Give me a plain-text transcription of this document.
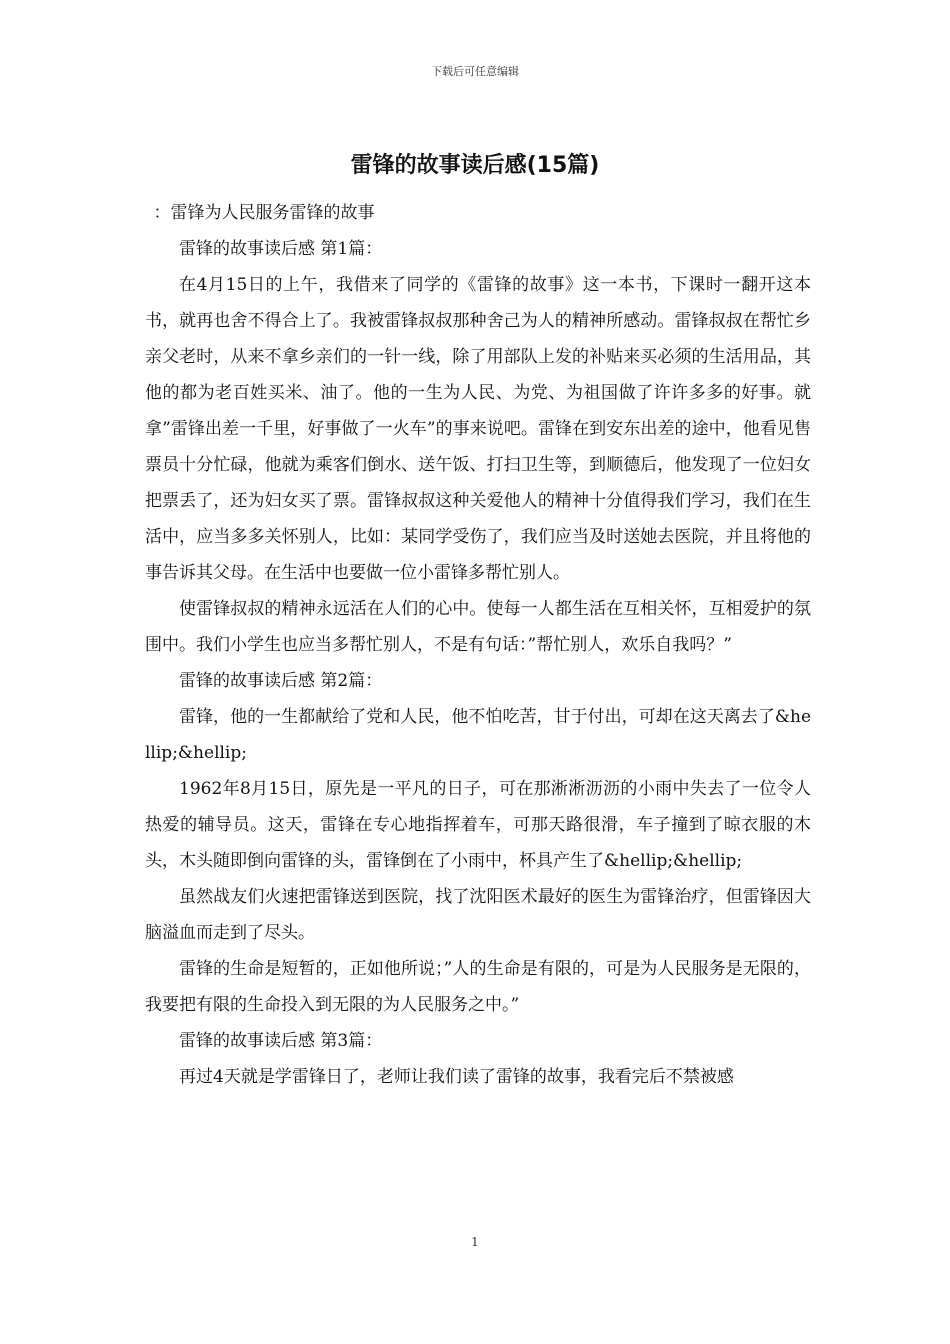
下载后可任意编辑
雷锋的故事读后感(15篇)

：雷锋为人民服务雷锋的故事

雷锋的故事读后感 第1篇：

在4月15日的上午，我借来了同学的《雷锋的故事》这一本书，下课时一翻开这本书，就再也舍不得合上了。我被雷锋叔叔那种舍己为人的精神所感动。雷锋叔叔在帮忙乡亲父老时，从来不拿乡亲们的一针一线，除了用部队上发的补贴来买必须的生活用品，其他的都为老百姓买米、油了。他的一生为人民、为党、为祖国做了许许多多的好事。就拿”雷锋出差一千里，好事做了一火车”的事来说吧。雷锋在到安东出差的途中，他看见售票员十分忙碌，他就为乘客们倒水、送午饭、打扫卫生等，到顺德后，他发现了一位妇女把票丢了，还为妇女买了票。雷锋叔叔这种关爱他人的精神十分值得我们学习，我们在生活中，应当多多关怀别人，比如：某同学受伤了，我们应当及时送她去医院，并且将他的事告诉其父母。在生活中也要做一位小雷锋多帮忙别人。

使雷锋叔叔的精神永远活在人们的心中。使每一人都生活在互相关怀，互相爱护的氛围中。我们小学生也应当多帮忙别人，不是有句话：”帮忙别人，欢乐自我吗？”

雷锋的故事读后感 第2篇：

雷锋，他的一生都献给了党和人民，他不怕吃苦，甘于付出，可却在这天离去了&hellip;&hellip;

1962年8月15日，原先是一平凡的日子，可在那淅淅沥沥的小雨中失去了一位令人热爱的辅导员。这天，雷锋在专心地指挥着车，可那天路很滑，车子撞到了晾衣服的木头，木头随即倒向雷锋的头，雷锋倒在了小雨中，杯具产生了&hellip;&hellip;

虽然战友们火速把雷锋送到医院，找了沈阳医术最好的医生为雷锋治疗，但雷锋因大脑溢血而走到了尽头。

雷锋的生命是短暂的，正如他所说；”人的生命是有限的，可是为人民服务是无限的，我要把有限的生命投入到无限的为人民服务之中。”

雷锋的故事读后感 第3篇：

再过4天就是学雷锋日了，老师让我们读了雷锋的故事，我看完后不禁被感

1
